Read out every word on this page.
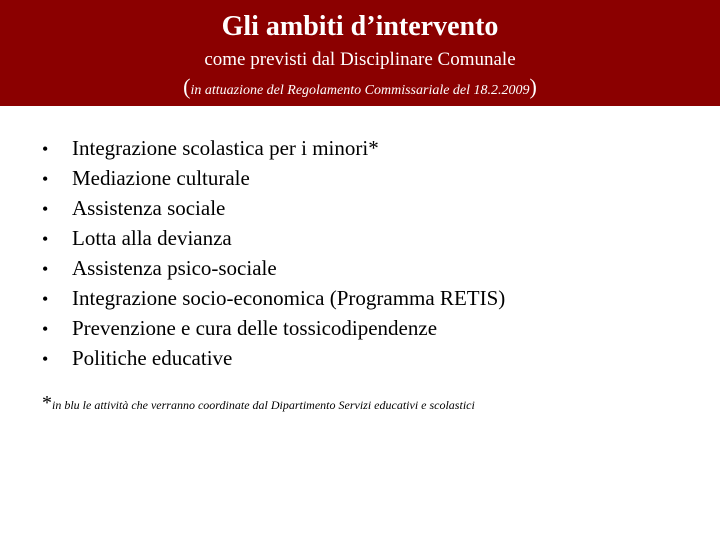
Gli ambiti d’intervento
come previsti dal Disciplinare Comunale
(in attuazione del Regolamento Commissariale del 18.2.2009)
• Integrazione scolastica per i minori*
• Mediazione culturale
• Assistenza sociale
• Lotta alla devianza
• Assistenza psico-sociale
• Integrazione socio-economica (Programma RETIS)
• Prevenzione e cura delle tossicodipendenze
• Politiche educative
*in blu le attività che verranno coordinate dal Dipartimento Servizi educativi e scolastici
